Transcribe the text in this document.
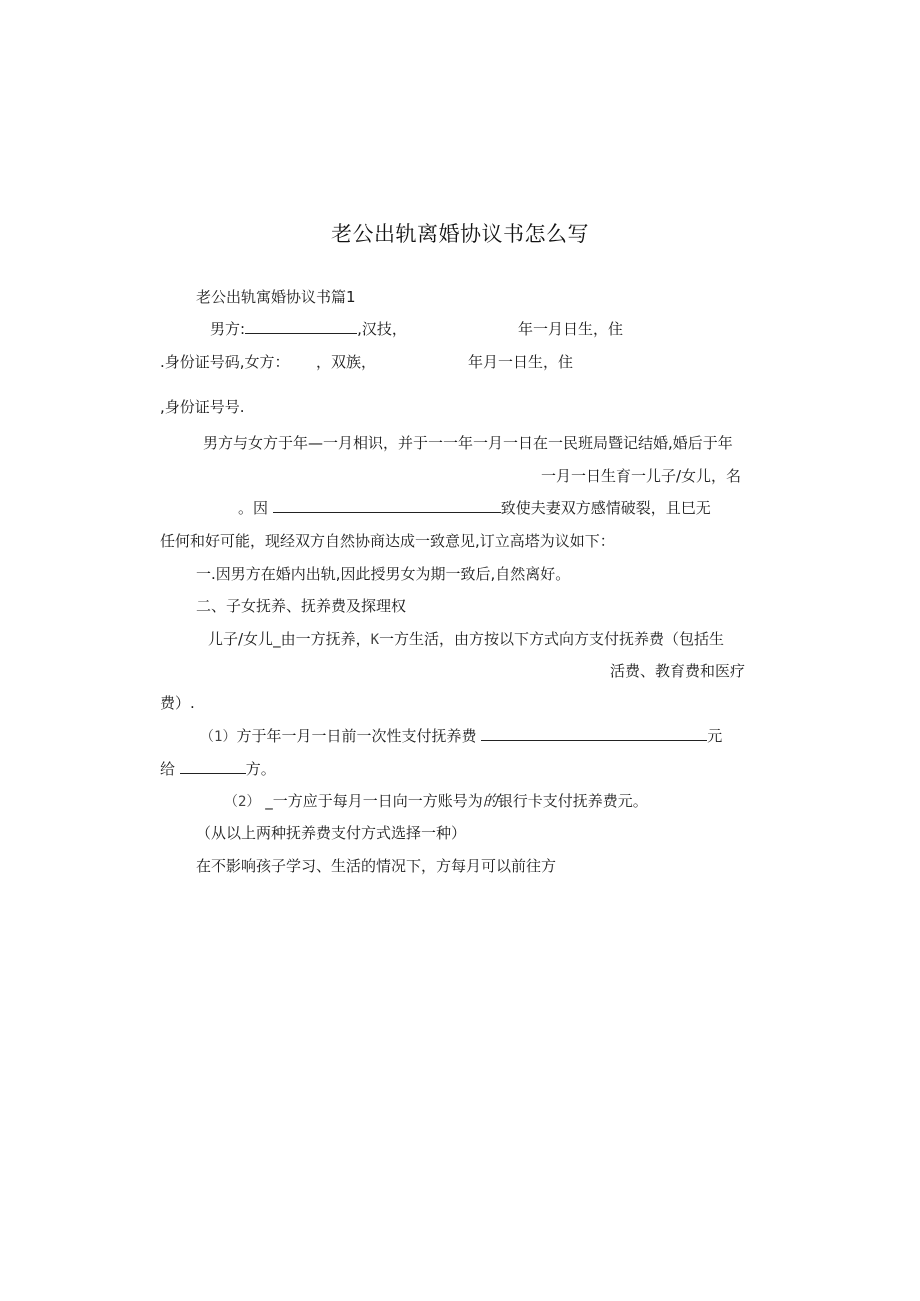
老公出轨离婚协议书怎么写
老公出轨寓婚协议书篇1
男方:	,汉技，	年一月日生，住
.身份证号码,女方： ，双族，	年月一日生，住
,身份证号号.
男方与女方于年—一月相识，并于一一年一月一日在一民班局暨记结婚,婚后于年
一月一日生育一儿子/女儿，名
。因	致使夫妻双方感情破裂，且巳无
任何和好可能，现经双方自然协商达成一致意见,订立高塔为议如下：
一.因男方在婚内出轨,因此授男女为期一致后,自然离好。
二、子女抚养、抚养费及探理权
儿子/女儿_由一方抚养，K一方生活，由方按以下方式向方支付抚养费（包括生
活费、教育费和医疗
费）.
（1）方于年一月一日前一次性支付抚养费	元
给	方。
（2） _一方应于每月一日向一方账号为的银行卡支付抚养费元。
（从以上两种抚养费支付方式选择一种）
在不影响孩子学习、生活的情况下，方每月可以前往方
